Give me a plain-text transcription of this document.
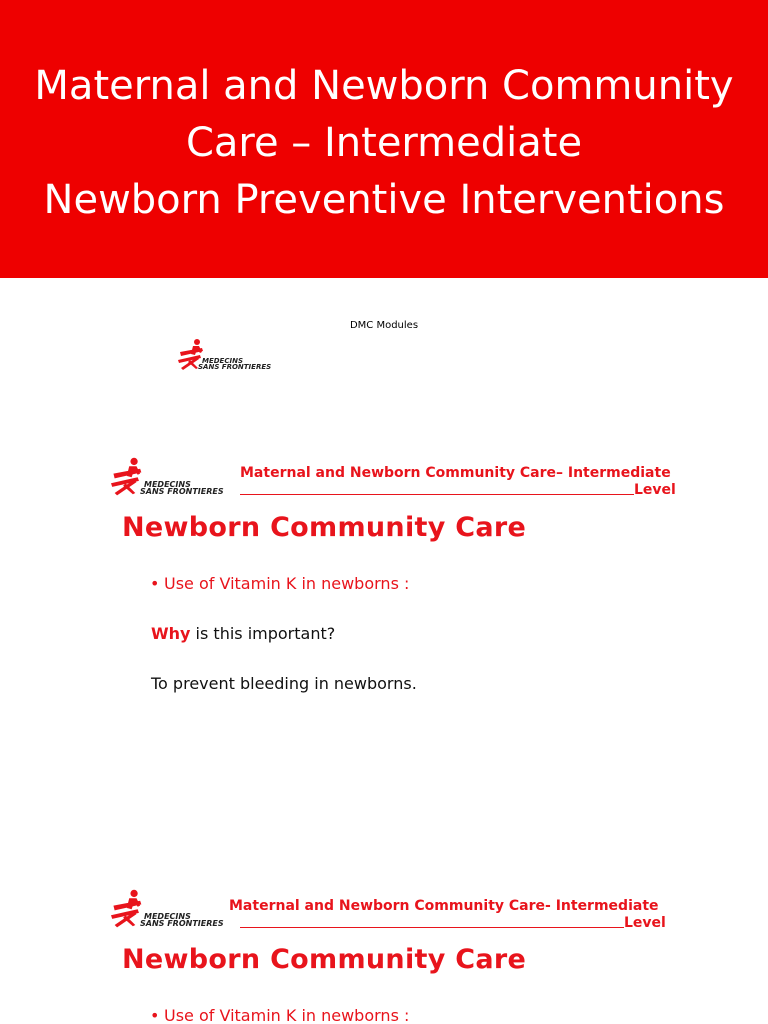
Maternal and Newborn Community
Care – Intermediate
Newborn Preventive Interventions
DMC Modules
MEDECINS
SANS FRONTIERES
MEDECINS
SANS FRONTIERES
Maternal and Newborn Community Care– Intermediate
Level
Newborn Community Care
• Use of Vitamin K in newborns :
Why is this important?
To prevent bleeding in newborns.
MEDECINS
SANS FRONTIERES
Maternal and Newborn Community Care- Intermediate
Level
Newborn Community Care
• Use of Vitamin K in newborns :
